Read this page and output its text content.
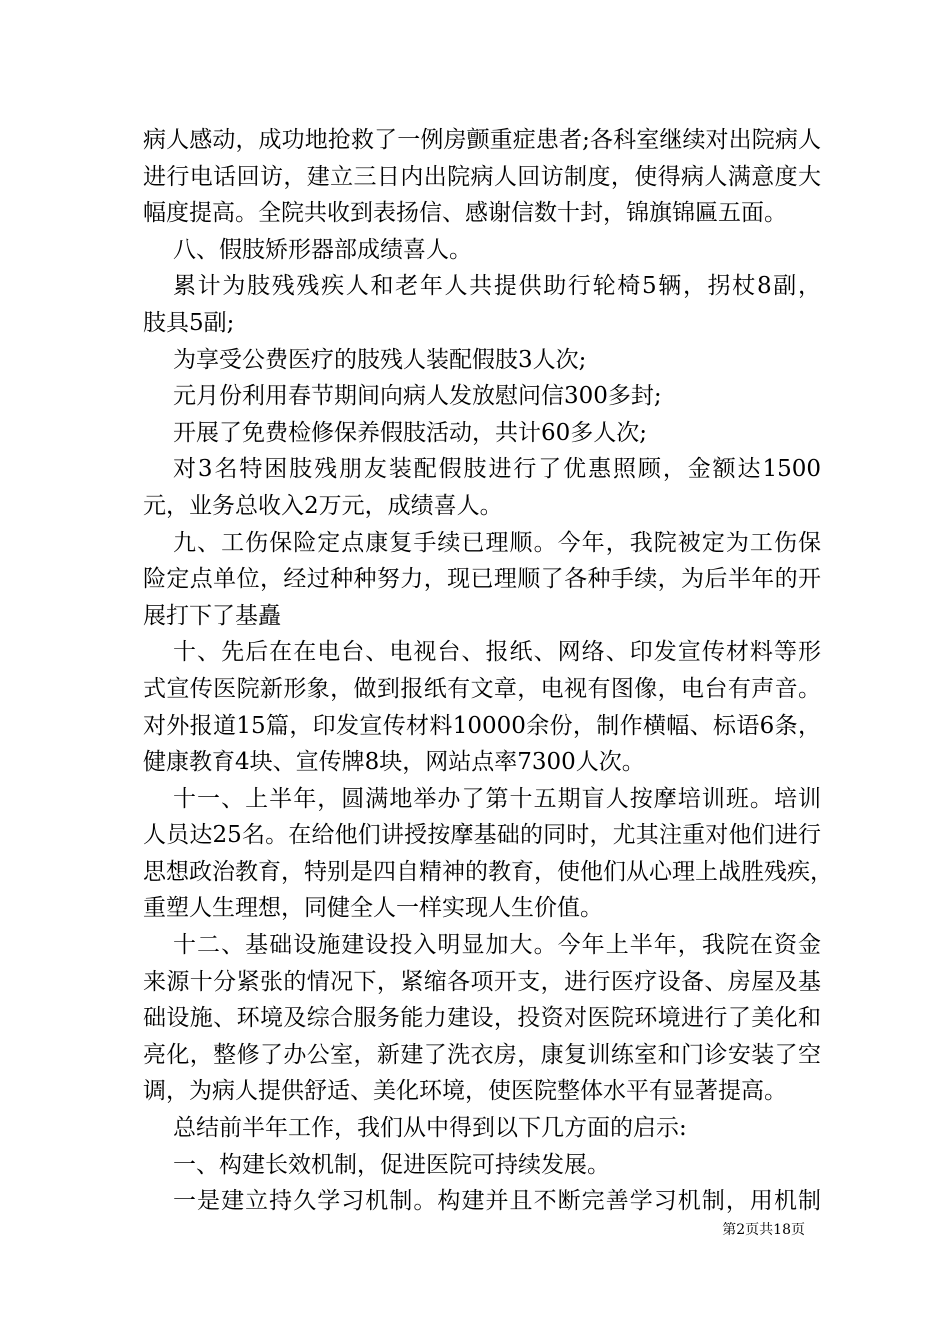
病人感动，成功地抢救了一例房颤重症患者;各科室继续对出院病人
进行电话回访，建立三日内出院病人回访制度，使得病人满意度大
幅度提高。全院共收到表扬信、感谢信数十封，锦旗锦匾五面。
八、假肢矫形器部成绩喜人。
累计为肢残残疾人和老年人共提供助行轮椅5辆，拐杖8副，
肢具5副;
为享受公费医疗的肢残人装配假肢3人次;
元月份利用春节期间向病人发放慰问信300多封;
开展了免费检修保养假肢活动，共计60多人次;
对3名特困肢残朋友装配假肢进行了优惠照顾，金额达1500
元，业务总收入2万元，成绩喜人。
九、工伤保险定点康复手续已理顺。今年，我院被定为工伤保
险定点单位，经过种种努力，现已理顺了各种手续，为后半年的开
展打下了基矗
十、先后在在电台、电视台、报纸、网络、印发宣传材料等形
式宣传医院新形象，做到报纸有文章，电视有图像，电台有声音。
对外报道15篇，印发宣传材料10000余份，制作横幅、标语6条，
健康教育4块、宣传牌8块，网站点率7300人次。
十一、上半年，圆满地举办了第十五期盲人按摩培训班。培训
人员达25名。在给他们讲授按摩基础的同时，尤其注重对他们进行
思想政治教育，特别是四自精神的教育，使他们从心理上战胜残疾，
重塑人生理想，同健全人一样实现人生价值。
十二、基础设施建设投入明显加大。今年上半年，我院在资金
来源十分紧张的情况下，紧缩各项开支，进行医疗设备、房屋及基
础设施、环境及综合服务能力建设，投资对医院环境进行了美化和
亮化，整修了办公室，新建了洗衣房，康复训练室和门诊安装了空
调，为病人提供舒适、美化环境，使医院整体水平有显著提高。
总结前半年工作，我们从中得到以下几方面的启示:
一、构建长效机制，促进医院可持续发展。
一是建立持久学习机制。构建并且不断完善学习机制，用机制
第2页共18页
